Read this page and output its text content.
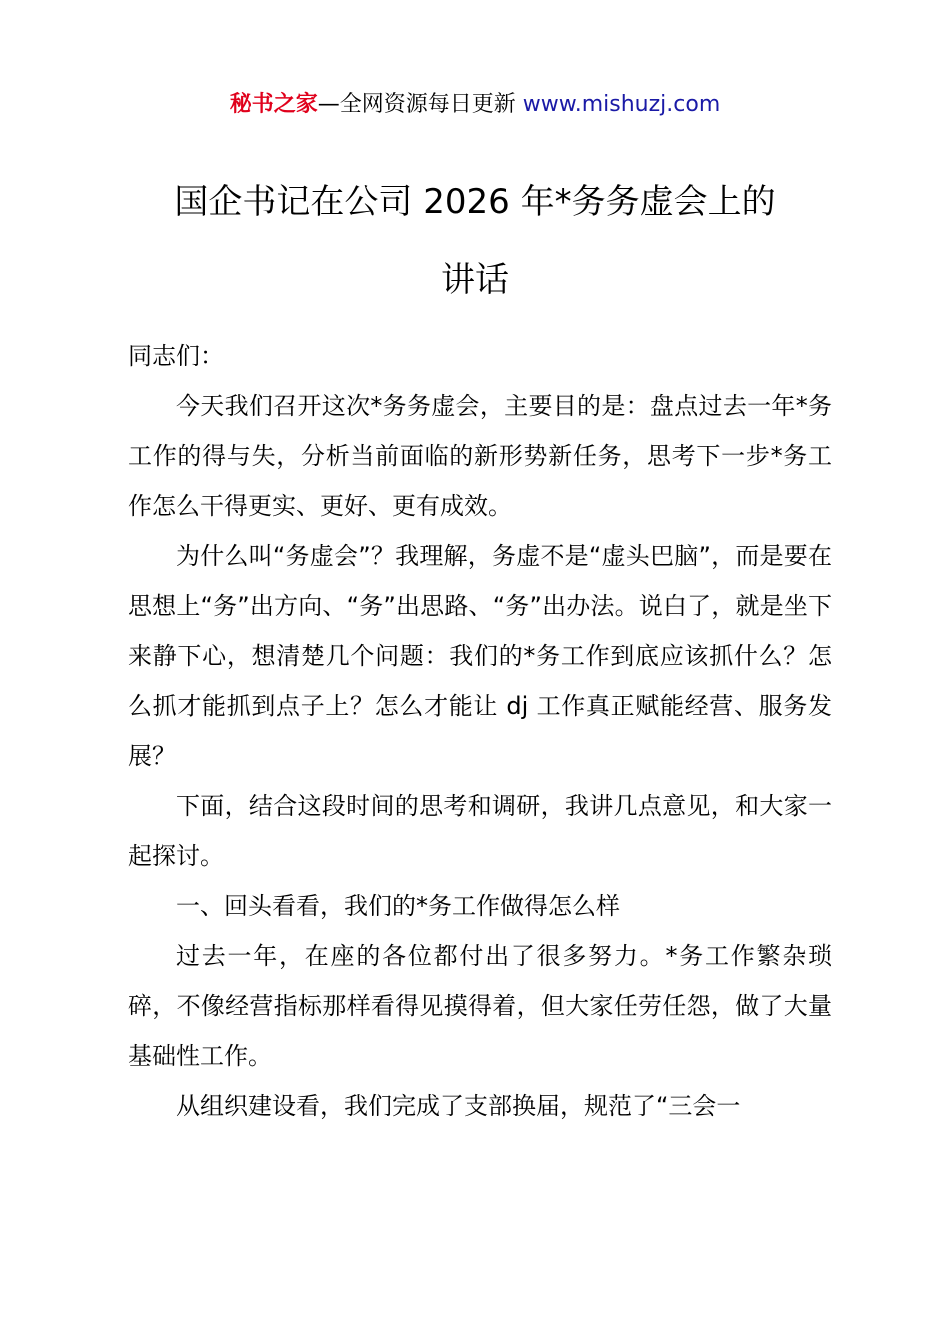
秘书之家—全网资源每日更新 www.mishuzj.com
国企书记在公司 2026 年*务务虚会上的
讲话

同志们：

今天我们召开这次*务务虚会，主要目的是：盘点过去一年*务工作的得与失，分析当前面临的新形势新任务，思考下一步*务工作怎么干得更实、更好、更有成效。

为什么叫“务虚会”？我理解，务虚不是“虚头巴脑”，而是要在思想上“务”出方向、“务”出思路、“务”出办法。说白了，就是坐下来静下心，想清楚几个问题：我们的*务工作到底应该抓什么？怎么抓才能抓到点子上？怎么才能让 dj 工作真正赋能经营、服务发展？

下面，结合这段时间的思考和调研，我讲几点意见，和大家一起探讨。

一、回头看看，我们的*务工作做得怎么样

过去一年，在座的各位都付出了很多努力。*务工作繁杂琐碎，不像经营指标那样看得见摸得着，但大家任劳任怨，做了大量基础性工作。

从组织建设看，我们完成了支部换届，规范了“三会一
